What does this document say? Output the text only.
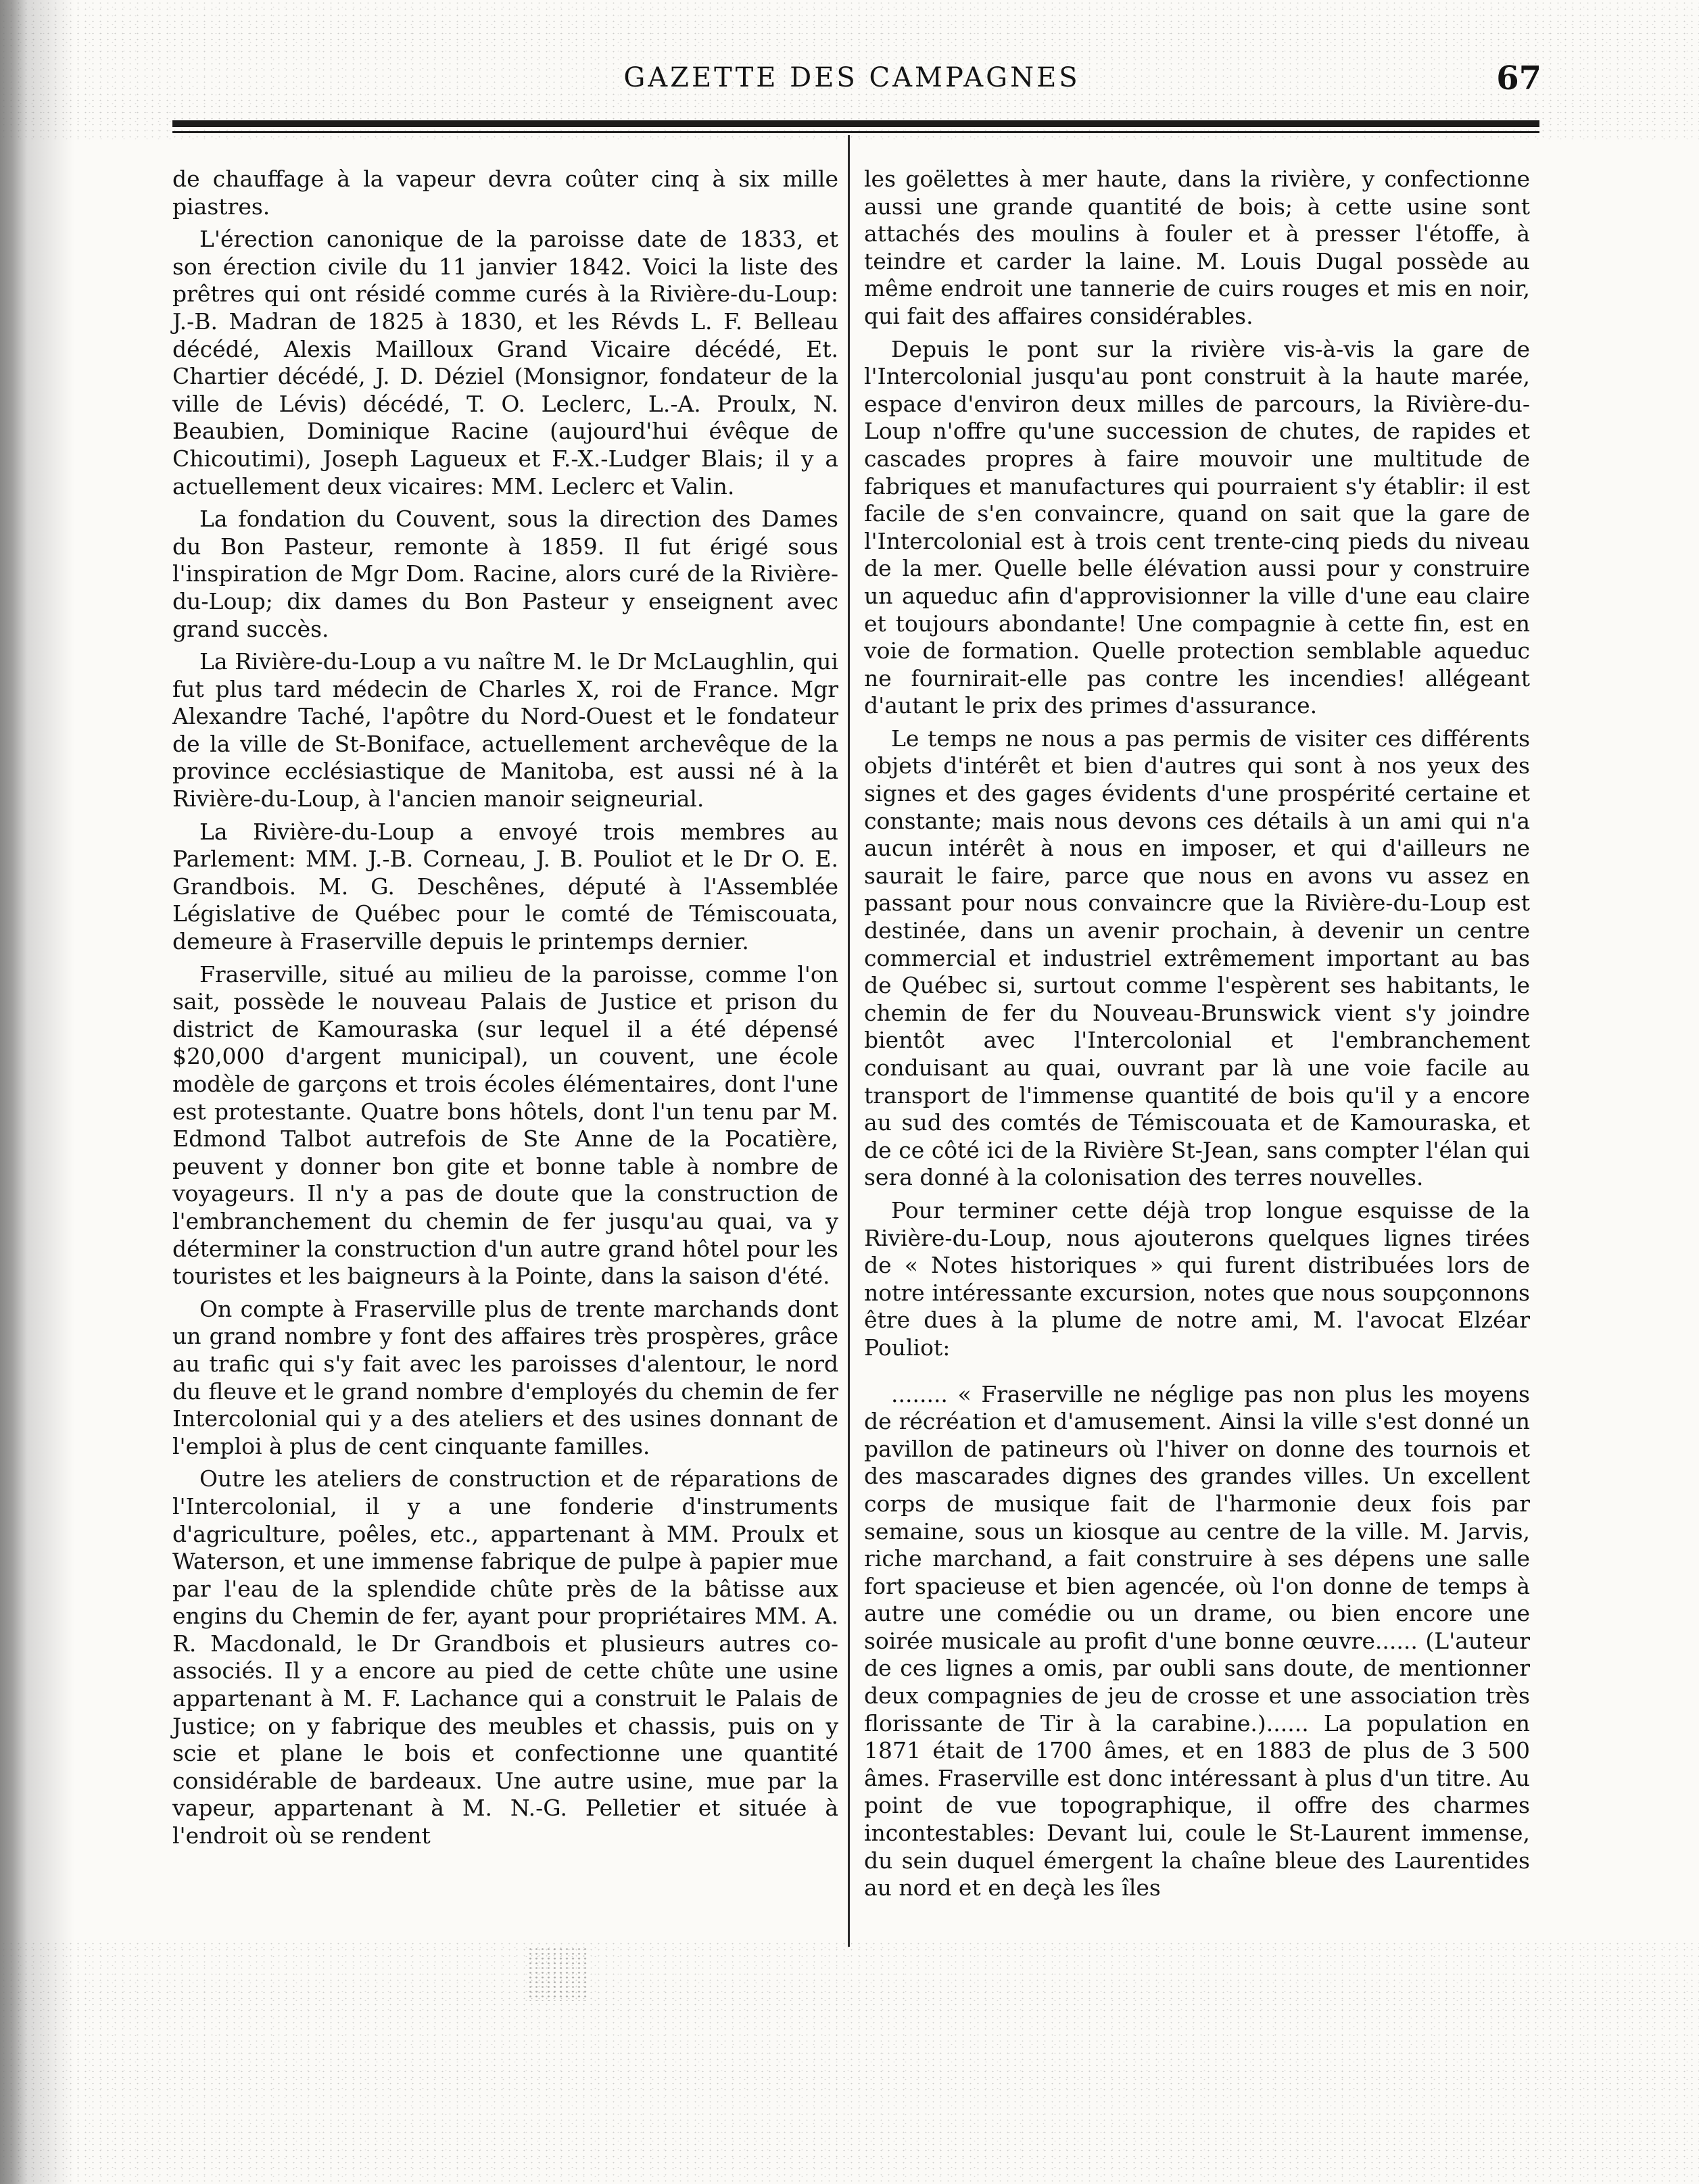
GAZETTE DES CAMPAGNES	67

de chauffage à la vapeur devra coûter cinq à six mille piastres.

L'érection canonique de la paroisse date de 1833, et son érection civile du 11 janvier 1842. Voici la liste des prêtres qui ont résidé comme curés à la Rivière-du-Loup: J.-B. Madran de 1825 à 1830, et les Révds L. F. Belleau décédé, Alexis Mailloux Grand Vicaire décédé, Et. Chartier décédé, J. D. Déziel (Monsignor, fondateur de la ville de Lévis) décédé, T. O. Leclerc, L.-A. Proulx, N. Beaubien, Dominique Racine (aujourd'hui évêque de Chicoutimi), Joseph Lagueux et F.-X.-Ludger Blais; il y a actuellement deux vicaires: MM. Leclerc et Valin.

La fondation du Couvent, sous la direction des Dames du Bon Pasteur, remonte à 1859. Il fut érigé sous l'inspiration de Mgr Dom. Racine, alors curé de la Rivière-du-Loup; dix dames du Bon Pasteur y enseignent avec grand succès.

La Rivière-du-Loup a vu naître M. le Dr McLaughlin, qui fut plus tard médecin de Charles X, roi de France. Mgr Alexandre Taché, l'apôtre du Nord-Ouest et le fondateur de la ville de St-Boniface, actuellement archevêque de la province ecclésiastique de Manitoba, est aussi né à la Rivière-du-Loup, à l'ancien manoir seigneurial.

La Rivière-du-Loup a envoyé trois membres au Parlement: MM. J.-B. Corneau, J. B. Pouliot et le Dr O. E. Grandbois. M. G. Deschênes, député à l'Assemblée Législative de Québec pour le comté de Témiscouata, demeure à Fraserville depuis le printemps dernier.

Fraserville, situé au milieu de la paroisse, comme l'on sait, possède le nouveau Palais de Justice et prison du district de Kamouraska (sur lequel il a été dépensé $20,000 d'argent municipal), un couvent, une école modèle de garçons et trois écoles élémentaires, dont l'une est protestante. Quatre bons hôtels, dont l'un tenu par M. Edmond Talbot autrefois de Ste Anne de la Pocatière, peuvent y donner bon gite et bonne table à nombre de voyageurs. Il n'y a pas de doute que la construction de l'embranchement du chemin de fer jusqu'au quai, va y déterminer la construction d'un autre grand hôtel pour les touristes et les baigneurs à la Pointe, dans la saison d'été.

On compte à Fraserville plus de trente marchands dont un grand nombre y font des affaires très prospères, grâce au trafic qui s'y fait avec les paroisses d'alentour, le nord du fleuve et le grand nombre d'employés du chemin de fer Intercolonial qui y a des ateliers et des usines donnant de l'emploi à plus de cent cinquante familles.

Outre les ateliers de construction et de réparations de l'Intercolonial, il y a une fonderie d'instruments d'agriculture, poêles, etc., appartenant à MM. Proulx et Waterson, et une immense fabrique de pulpe à papier mue par l'eau de la splendide chûte près de la bâtisse aux engins du Chemin de fer, ayant pour propriétaires MM. A. R. Macdonald, le Dr Grandbois et plusieurs autres co-associés. Il y a encore au pied de cette chûte une usine appartenant à M. F. Lachance qui a construit le Palais de Justice; on y fabrique des meubles et chassis, puis on y scie et plane le bois et confectionne une quantité considérable de bardeaux. Une autre usine, mue par la vapeur, appartenant à M. N.-G. Pelletier et située à l'endroit où se rendent

les goëlettes à mer haute, dans la rivière, y confectionne aussi une grande quantité de bois; à cette usine sont attachés des moulins à fouler et à presser l'étoffe, à teindre et carder la laine. M. Louis Dugal possède au même endroit une tannerie de cuirs rouges et mis en noir, qui fait des affaires considérables.

Depuis le pont sur la rivière vis-à-vis la gare de l'Intercolonial jusqu'au pont construit à la haute marée, espace d'environ deux milles de parcours, la Rivière-du-Loup n'offre qu'une succession de chutes, de rapides et cascades propres à faire mouvoir une multitude de fabriques et manufactures qui pourraient s'y établir: il est facile de s'en convaincre, quand on sait que la gare de l'Intercolonial est à trois cent trente-cinq pieds du niveau de la mer. Quelle belle élévation aussi pour y construire un aqueduc afin d'approvisionner la ville d'une eau claire et toujours abondante! Une compagnie à cette fin, est en voie de formation. Quelle protection semblable aqueduc ne fournirait-elle pas contre les incendies! allégeant d'autant le prix des primes d'assurance.

Le temps ne nous a pas permis de visiter ces différents objets d'intérêt et bien d'autres qui sont à nos yeux des signes et des gages évidents d'une prospérité certaine et constante; mais nous devons ces détails à un ami qui n'a aucun intérêt à nous en imposer, et qui d'ailleurs ne saurait le faire, parce que nous en avons vu assez en passant pour nous convaincre que la Rivière-du-Loup est destinée, dans un avenir prochain, à devenir un centre commercial et industriel extrêmement important au bas de Québec si, surtout comme l'espèrent ses habitants, le chemin de fer du Nouveau-Brunswick vient s'y joindre bientôt avec l'Intercolonial et l'embranchement conduisant au quai, ouvrant par là une voie facile au transport de l'immense quantité de bois qu'il y a encore au sud des comtés de Témiscouata et de Kamouraska, et de ce côté ici de la Rivière St-Jean, sans compter l'élan qui sera donné à la colonisation des terres nouvelles.

Pour terminer cette déjà trop longue esquisse de la Rivière-du-Loup, nous ajouterons quelques lignes tirées de « Notes historiques » qui furent distribuées lors de notre intéressante excursion, notes que nous soupçonnons être dues à la plume de notre ami, M. l'avocat Elzéar Pouliot:

........ « Fraserville ne néglige pas non plus les moyens de récréation et d'amusement. Ainsi la ville s'est donné un pavillon de patineurs où l'hiver on donne des tournois et des mascarades dignes des grandes villes. Un excellent corps de musique fait de l'harmonie deux fois par semaine, sous un kiosque au centre de la ville. M. Jarvis, riche marchand, a fait construire à ses dépens une salle fort spacieuse et bien agencée, où l'on donne de temps à autre une comédie ou un drame, ou bien encore une soirée musicale au profit d'une bonne œuvre...... (L'auteur de ces lignes a omis, par oubli sans doute, de mentionner deux compagnies de jeu de crosse et une association très florissante de Tir à la carabine.)...... La population en 1871 était de 1700 âmes, et en 1883 de plus de 3 500 âmes. Fraserville est donc intéressant à plus d'un titre. Au point de vue topographique, il offre des charmes incontestables: Devant lui, coule le St-Laurent immense, du sein duquel émergent la chaîne bleue des Laurentides au nord et en deçà les îles
